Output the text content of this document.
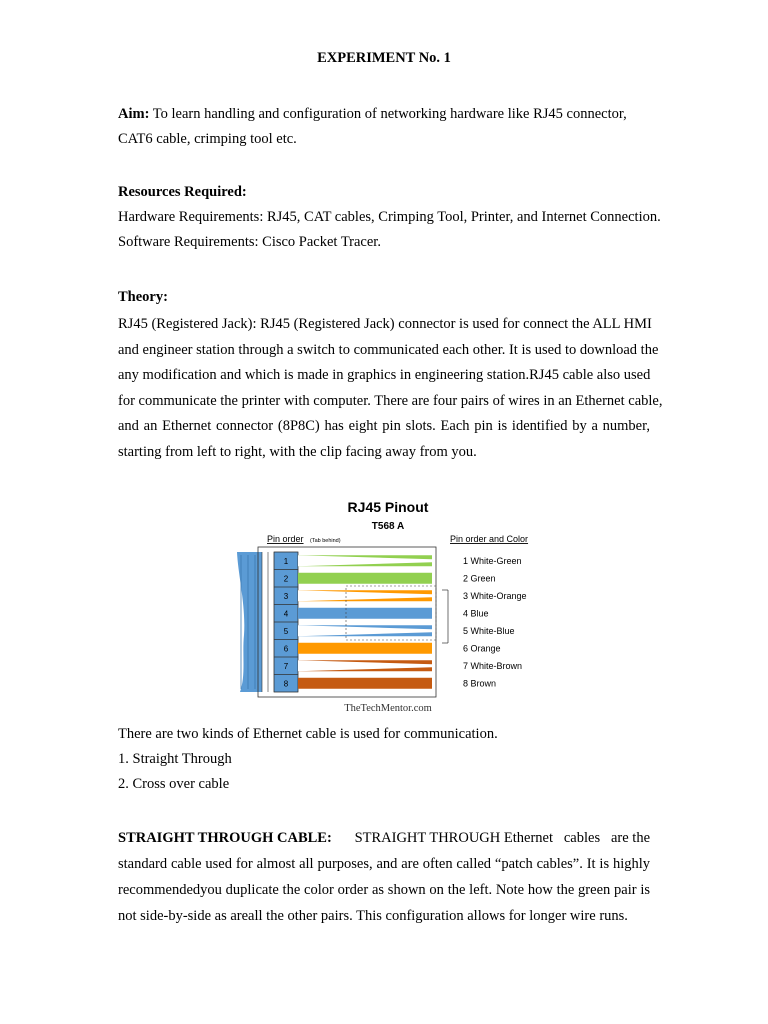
EXPERIMENT No. 1
Aim: To learn handling and configuration of networking hardware like RJ45 connector,
CAT6 cable, crimping tool etc.
Resources Required:
Hardware Requirements: RJ45, CAT cables, Crimping Tool, Printer, and Internet Connection.
Software Requirements: Cisco Packet Tracer.
Theory:
RJ45 (Registered Jack): RJ45 (Registered Jack) connector is used for connect the ALL HMI
and engineer station through a switch to communicated each other. It is used to download the
any modification and which is made in graphics in engineering station.RJ45 cable also used
for communicate the printer with computer. There are four pairs of wires in an Ethernet cable,
and an Ethernet connector (8P8C) has eight pin slots. Each pin is identified by a number,
starting from left to right, with the clip facing away from you.
RJ45 Pinout
T568 A
Pin order (Tab behind)	Pin order and Color
1	1 White-Green
2	2 Green
3	3 White-Orange
4	4 Blue
5	5 White-Blue
6	6 Orange
7	7 White-Brown
8	8 Brown
TheTechMentor.com
There are two kinds of Ethernet cable is used for communication.
1. Straight Through
2. Cross over cable
STRAIGHT THROUGH CABLE: STRAIGHT THROUGH Ethernet   cables   are the
standard cable used for almost all purposes, and are often called “patch cables”. It is highly
recommendedyou duplicate the color order as shown on the left. Note how the green pair is
not side-by-side as areall the other pairs. This configuration allows for longer wire runs.
